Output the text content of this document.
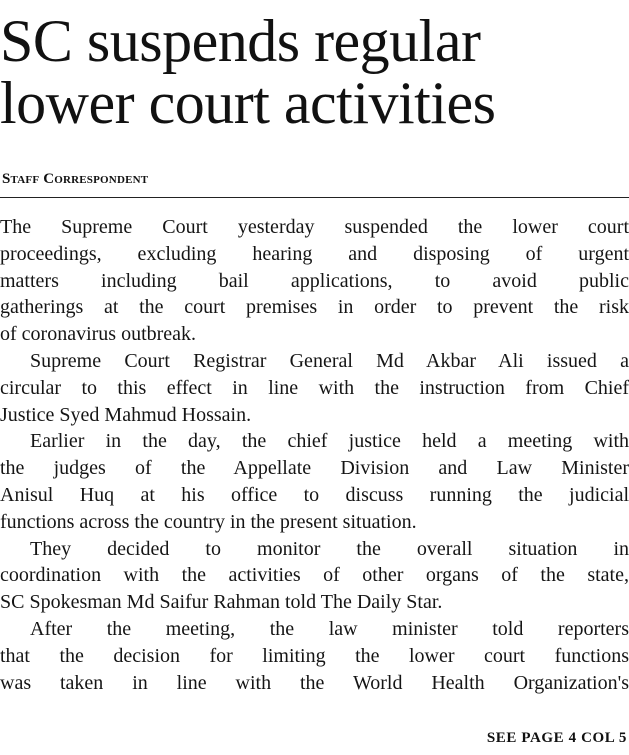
SC suspends regular
lower court activities
Staff Correspondent
The Supreme Court yesterday suspended the lower court
proceedings, excluding hearing and disposing of urgent
matters including bail applications, to avoid public
gatherings at the court premises in order to prevent the risk
of coronavirus outbreak.
Supreme Court Registrar General Md Akbar Ali issued a
circular to this effect in line with the instruction from Chief
Justice Syed Mahmud Hossain.
Earlier in the day, the chief justice held a meeting with
the judges of the Appellate Division and Law Minister
Anisul Huq at his office to discuss running the judicial
functions across the country in the present situation.
They decided to monitor the overall situation in
coordination with the activities of other organs of the state,
SC Spokesman Md Saifur Rahman told The Daily Star.
After the meeting, the law minister told reporters
that the decision for limiting the lower court functions
was taken in line with the World Health Organization's
SEE PAGE 4 COL 5
